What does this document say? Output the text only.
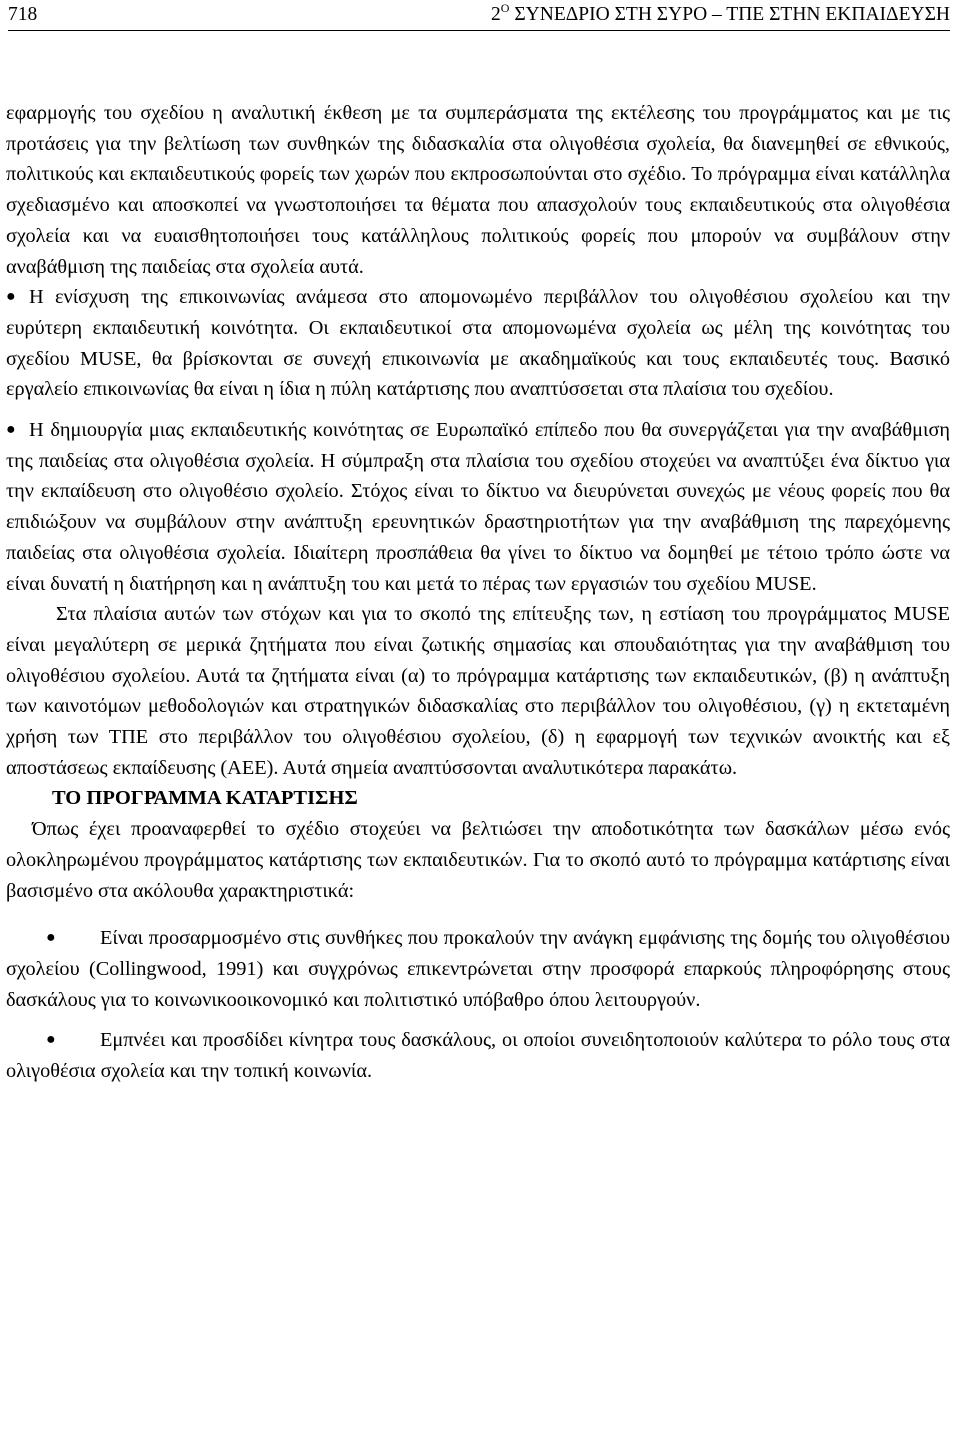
718	$2^O$ ΣΥΝΕΔΡΙΟ ΣΤΗ ΣΥΡΟ – ΤΠΕ ΣΤΗΝ ΕΚΠΑΙΔΕΥΣΗ

εφαρμογής του σχεδίου η αναλυτική έκθεση με τα συμπεράσματα της εκτέλεσης του προγράμματος και με τις προτάσεις για την βελτίωση των συνθηκών της διδασκαλία στα ολιγοθέσια σχολεία, θα διανεμηθεί σε εθνικούς, πολιτικούς και εκπαιδευτικούς φορείς των χωρών που εκπροσωπούνται στο σχέδιο. Το πρόγραμμα είναι κατάλληλα σχεδιασμένο και αποσκοπεί να γνωστοποιήσει τα θέματα που απασχολούν τους εκπαιδευτικούς στα ολιγοθέσια σχολεία και να ευαισθητοποιήσει τους κατάλληλους πολιτικούς φορείς που μπορούν να συμβάλουν στην αναβάθμιση της παιδείας στα σχολεία αυτά.

● Η ενίσχυση της επικοινωνίας ανάμεσα στο απομονωμένο περιβάλλον του ολιγοθέσιου σχολείου και την ευρύτερη εκπαιδευτική κοινότητα. Οι εκπαιδευτικοί στα απομονωμένα σχολεία ως μέλη της κοινότητας του σχεδίου MUSE, θα βρίσκονται σε συνεχή επικοινωνία με ακαδημαϊκούς και τους εκπαιδευτές τους. Βασικό εργαλείο επικοινωνίας θα είναι η ίδια η πύλη κατάρτισης που αναπτύσσεται στα πλαίσια του σχεδίου.

● Η δημιουργία μιας εκπαιδευτικής κοινότητας σε Ευρωπαϊκό επίπεδο που θα συνεργάζεται για την αναβάθμιση της παιδείας στα ολιγοθέσια σχολεία. Η σύμπραξη στα πλαίσια του σχεδίου στοχεύει να αναπτύξει ένα δίκτυο για την εκπαίδευση στο ολιγοθέσιο σχολείο. Στόχος είναι το δίκτυο να διευρύνεται συνεχώς με νέους φορείς που θα επιδιώξουν να συμβάλουν στην ανάπτυξη ερευνητικών δραστηριοτήτων για την αναβάθμιση της παρεχόμενης παιδείας στα ολιγοθέσια σχολεία. Ιδιαίτερη προσπάθεια θα γίνει το δίκτυο να δομηθεί με τέτοιο τρόπο ώστε να είναι δυνατή η διατήρηση και η ανάπτυξη του και μετά το πέρας των εργασιών του σχεδίου MUSE.

Στα πλαίσια αυτών των στόχων και για το σκοπό της επίτευξης των, η εστίαση του προγράμματος MUSE είναι μεγαλύτερη σε μερικά ζητήματα που είναι ζωτικής σημασίας και σπουδαιότητας για την αναβάθμιση του ολιγοθέσιου σχολείου. Αυτά τα ζητήματα είναι (α) το πρόγραμμα κατάρτισης των εκπαιδευτικών, (β) η ανάπτυξη των καινοτόμων μεθοδολογιών και στρατηγικών διδασκαλίας στο περιβάλλον του ολιγοθέσιου, (γ) η εκτεταμένη χρήση των ΤΠΕ στο περιβάλλον του ολιγοθέσιου σχολείου, (δ) η εφαρμογή των τεχνικών ανοικτής και εξ αποστάσεως εκπαίδευσης (ΑΕΕ). Αυτά σημεία αναπτύσσονται αναλυτικότερα παρακάτω.

ΤΟ ΠΡΟΓΡΑΜΜΑ ΚΑΤΑΡΤΙΣΗΣ

Όπως έχει προαναφερθεί το σχέδιο στοχεύει να βελτιώσει την αποδοτικότητα των δασκάλων μέσω ενός ολοκληρωμένου προγράμματος κατάρτισης των εκπαιδευτικών. Για το σκοπό αυτό το πρόγραμμα κατάρτισης είναι βασισμένο στα ακόλουθα χαρακτηριστικά:

●	Είναι προσαρμοσμένο στις συνθήκες που προκαλούν την ανάγκη εμφάνισης της δομής του ολιγοθέσιου σχολείου (Collingwood, 1991) και συγχρόνως επικεντρώνεται στην προσφορά επαρκούς πληροφόρησης στους δασκάλους για το κοινωνικοοικονομικό και πολιτιστικό υπόβαθρο όπου λειτουργούν.

●	Εμπνέει και προσδίδει κίνητρα τους δασκάλους, οι οποίοι συνειδητοποιούν καλύτερα το ρόλο τους στα ολιγοθέσια σχολεία και την τοπική κοινωνία.
